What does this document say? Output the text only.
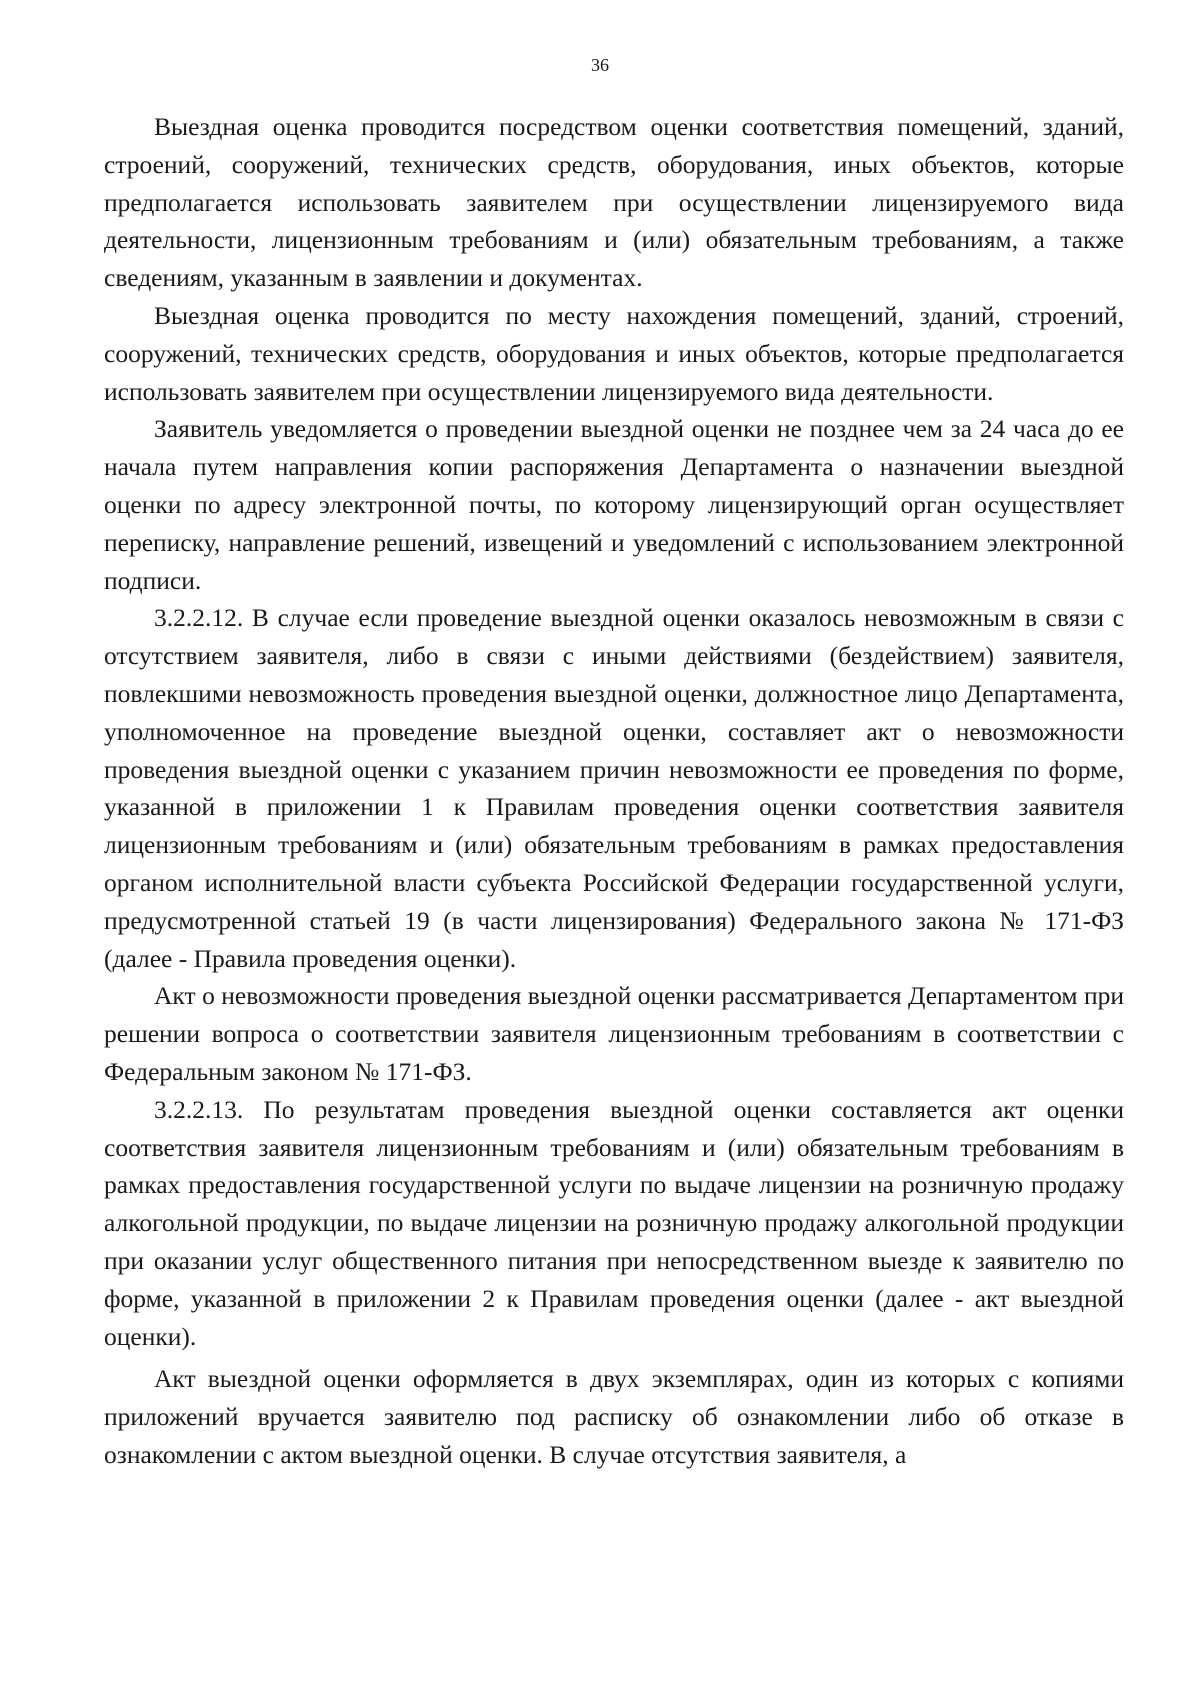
36

Выездная оценка проводится посредством оценки соответствия помещений, зданий, строений, сооружений, технических средств, оборудования, иных объектов, которые предполагается использовать заявителем при осуществлении лицензируемого вида деятельности, лицензионным требованиям и (или) обязательным требованиям, а также сведениям, указанным в заявлении и документах.

Выездная оценка проводится по месту нахождения помещений, зданий, строений, сооружений, технических средств, оборудования и иных объектов, которые предполагается использовать заявителем при осуществлении лицензируемого вида деятельности.

Заявитель уведомляется о проведении выездной оценки не позднее чем за 24 часа до ее начала путем направления копии распоряжения Департамента о назначении выездной оценки по адресу электронной почты, по которому лицензирующий орган осуществляет переписку, направление решений, извещений и уведомлений с использованием электронной подписи.

3.2.2.12. В случае если проведение выездной оценки оказалось невозможным в связи с отсутствием заявителя, либо в связи с иными действиями (бездействием) заявителя, повлекшими невозможность проведения выездной оценки, должностное лицо Департамента, уполномоченное на проведение выездной оценки, составляет акт о невозможности проведения выездной оценки с указанием причин невозможности ее проведения по форме, указанной в приложении 1 к Правилам проведения оценки соответствия заявителя лицензионным требованиям и (или) обязательным требованиям в рамках предоставления органом исполнительной власти субъекта Российской Федерации государственной услуги, предусмотренной статьей 19 (в части лицензирования) Федерального закона № 171-ФЗ (далее - Правила проведения оценки).

Акт о невозможности проведения выездной оценки рассматривается Департаментом при решении вопроса о соответствии заявителя лицензионным требованиям в соответствии с Федеральным законом № 171-ФЗ.

3.2.2.13. По результатам проведения выездной оценки составляется акт оценки соответствия заявителя лицензионным требованиям и (или) обязательным требованиям в рамках предоставления государственной услуги по выдаче лицензии на розничную продажу алкогольной продукции, по выдаче лицензии на розничную продажу алкогольной продукции при оказании услуг общественного питания при непосредственном выезде к заявителю по форме, указанной в приложении 2 к Правилам проведения оценки (далее - акт выездной оценки).

Акт выездной оценки оформляется в двух экземплярах, один из которых с копиями приложений вручается заявителю под расписку об ознакомлении либо об отказе в ознакомлении с актом выездной оценки. В случае отсутствия заявителя, а
